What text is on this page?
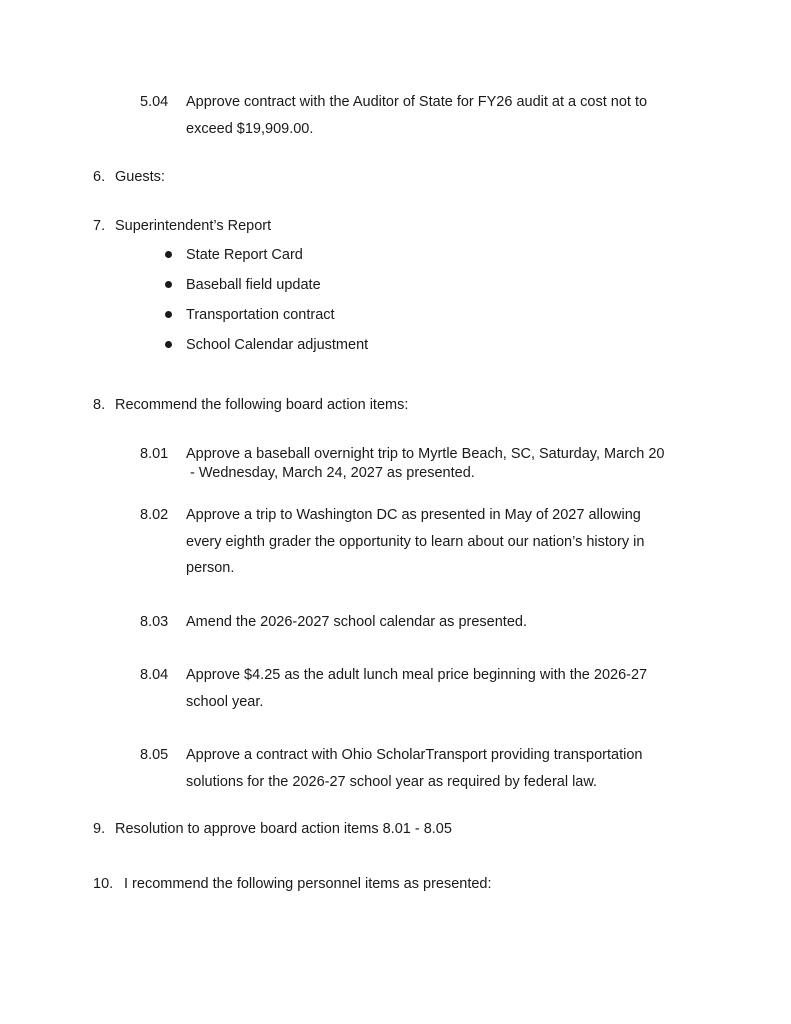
5.04 Approve contract with the Auditor of State for FY26 audit at a cost not to
exceed $19,909.00.
6. Guests:
7. Superintendent’s Report
State Report Card
Baseball field update
Transportation contract
School Calendar adjustment
8. Recommend the following board action items:
8.01 Approve a baseball overnight trip to Myrtle Beach, SC, Saturday, March 20
- Wednesday, March 24, 2027 as presented.
8.02 Approve a trip to Washington DC as presented in May of 2027 allowing
every eighth grader the opportunity to learn about our nation’s history in
person.
8.03 Amend the 2026-2027 school calendar as presented.
8.04 Approve $4.25 as the adult lunch meal price beginning with the 2026-27
school year.
8.05 Approve a contract with Ohio ScholarTransport providing transportation
solutions for the 2026-27 school year as required by federal law.
9. Resolution to approve board action items 8.01 - 8.05
10. I recommend the following personnel items as presented:
